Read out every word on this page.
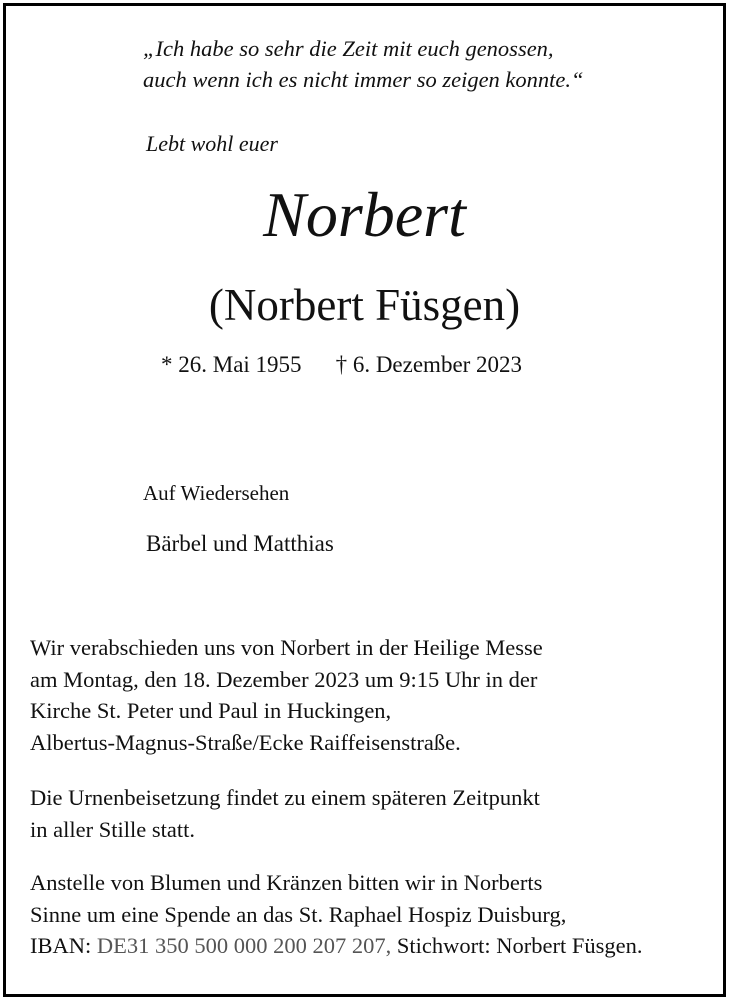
„Ich habe so sehr die Zeit mit euch genossen,
auch wenn ich es nicht immer so zeigen konnte.“
Lebt wohl euer
Norbert
(Norbert Füsgen)
* 26. Mai 1955 † 6. Dezember 2023
Auf Wiedersehen
Bärbel und Matthias
Wir verabschieden uns von Norbert in der Heilige Messe
am Montag, den 18. Dezember 2023 um 9:15 Uhr in der
Kirche St. Peter und Paul in Huckingen,
Albertus-Magnus-Straße/Ecke Raiffeisenstraße.
Die Urnenbeisetzung findet zu einem späteren Zeitpunkt
in aller Stille statt.
Anstelle von Blumen und Kränzen bitten wir in Norberts
Sinne um eine Spende an das St. Raphael Hospiz Duisburg,
IBAN: DE31 350 500 000 200 207 207, Stichwort: Norbert Füsgen.
